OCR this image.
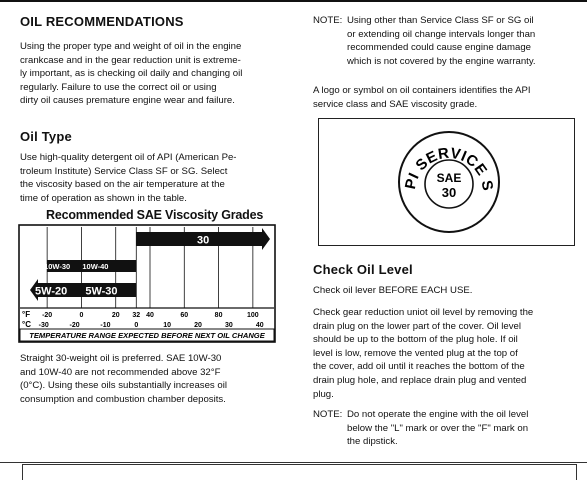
OIL RECOMMENDATIONS
Using the proper type and weight of oil in the engine
crankcase and in the gear reduction unit is extreme-
ly important, as is checking oil daily and changing oil
regularly. Failure to use the correct oil or using
dirty oil causes premature engine wear and failure.
Oil Type
Use high-quality detergent oil of API (American Pe-
troleum Institute) Service Class SF or SG. Select
the viscosity based on the air temperature at the
time of operation as shown in the table.
Recommended SAE Viscosity Grades
30
10W-30 10W-40
5W-20 5W-30
°F
°C
-20	0	20 32 40	60	80	100
-30	-20	-10	0	10	20	30	40
TEMPERATURE RANGE EXPECTED BEFORE NEXT OIL CHANGE
Straight 30-weight oil is preferred. SAE 10W-30
and 10W-40 are not recommended above 32°F
(0°C). Using these oils substantially increases oil
consumption and combustion chamber deposits.
NOTE: Using other than Service Class SF or SG oil
or extending oil change intervals longer than
recommended could cause engine damage
which is not covered by the engine warranty.
A logo or symbol on oil containers identifies the API
service class and SAE viscosity grade.
PI SERVICE S
SAE
30
Check Oil Level
Check oil lever BEFORE EACH USE.
Check gear reduction uniot oil level by removing the
drain plug on the lower part of the cover. Oil level
should be up to the bottom of the plug hole. If oil
level is low, remove the vented plug at the top of
the cover, add oil until it reaches the bottom of the
drain plug hole, and replace drain plug and vented
plug.
NOTE: Do not operate the engine with the oil level
below the "L" mark or over the "F" mark on
the dipstick.
